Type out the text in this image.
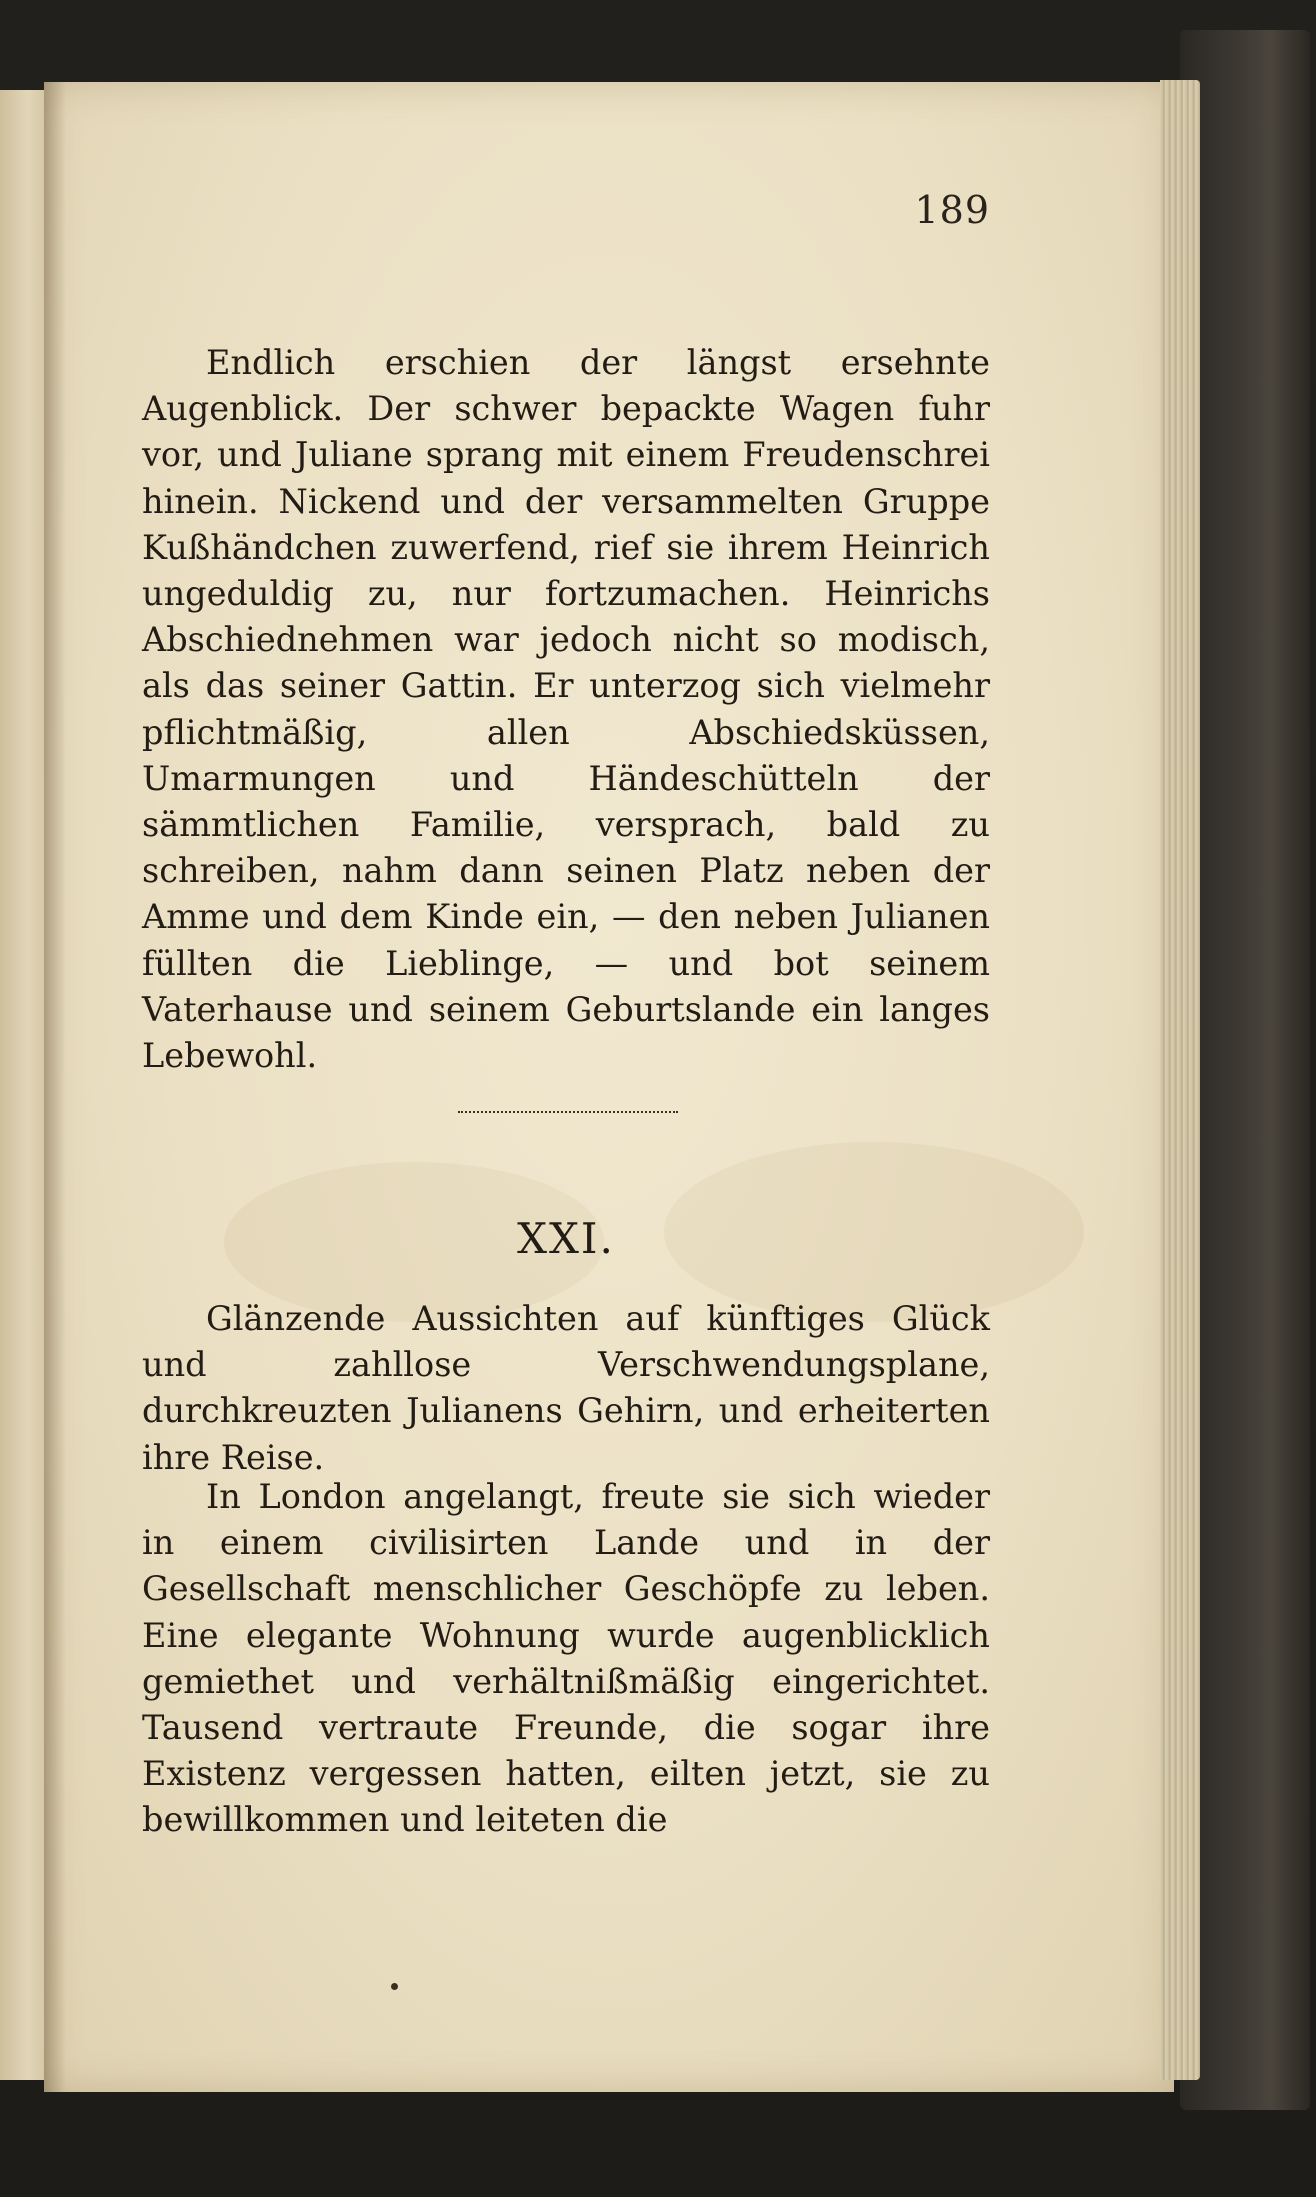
189

Endlich erschien der längst ersehnte Augenblick. Der schwer bepackte Wagen fuhr vor, und Juliane sprang mit einem Freudenschrei hinein. Nickend und der versammelten Gruppe Kußhändchen zuwerfend, rief sie ihrem Heinrich ungeduldig zu, nur fortzumachen. Heinrichs Abschiednehmen war jedoch nicht so modisch, als das seiner Gattin. Er unterzog sich vielmehr pflichtmäßig, allen Abschiedsküssen, Umarmungen und Händeschütteln der sämmtlichen Familie, versprach, bald zu schreiben, nahm dann seinen Platz neben der Amme und dem Kinde ein, — den neben Julianen füllten die Lieblinge, — und bot seinem Vaterhause und seinem Geburtslande ein langes Lebewohl.

XXI.

Glänzende Aussichten auf künftiges Glück und zahllose Verschwendungsplane, durchkreuzten Julianens Gehirn, und erheiterten ihre Reise.

In London angelangt, freute sie sich wieder in einem civilisirten Lande und in der Gesellschaft menschlicher Geschöpfe zu leben. Eine elegante Wohnung wurde augenblicklich gemiethet und verhältnißmäßig eingerichtet. Tausend vertraute Freunde, die sogar ihre Existenz vergessen hatten, eilten jetzt, sie zu bewillkommen und leiteten die
